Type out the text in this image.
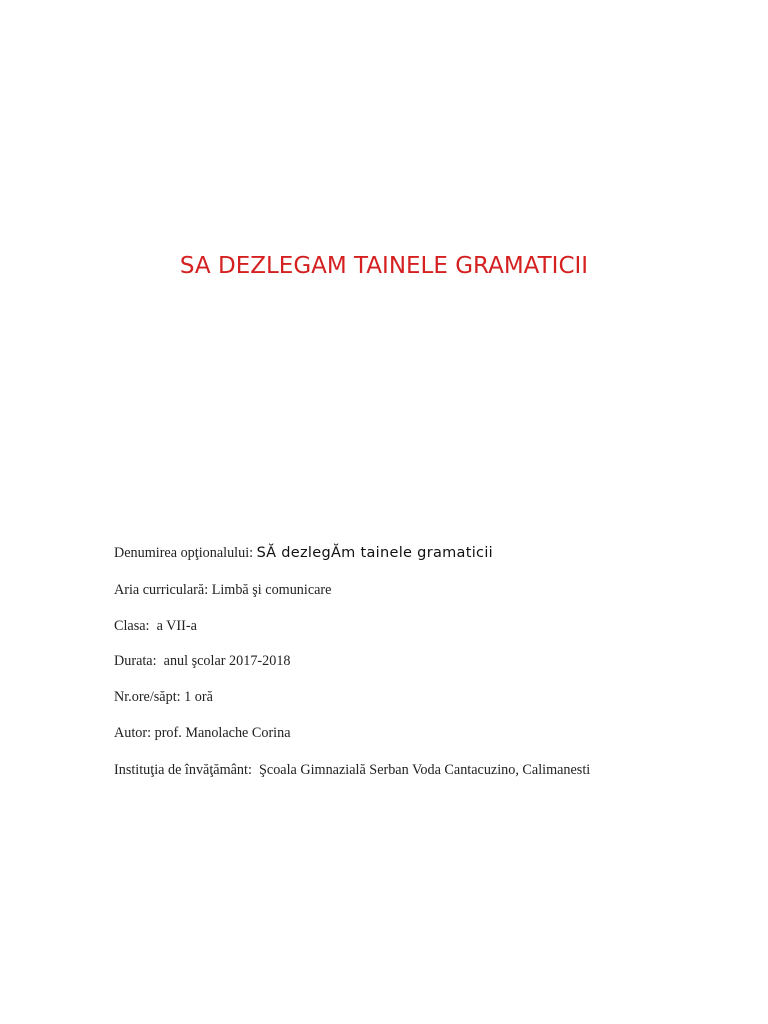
SA DEZLEGAM TAINELE GRAMATICII
Denumirea opţionalului: SĂ dezlegĂm tainele gramaticii
Aria curriculară: Limbă şi comunicare
Clasa: a VII-a
Durata: anul şcolar 2017-2018
Nr.ore/săpt: 1 oră
Autor: prof. Manolache Corina
Instituţia de învăţământ: Şcoala Gimnazială Serban Voda Cantacuzino, Calimanesti
